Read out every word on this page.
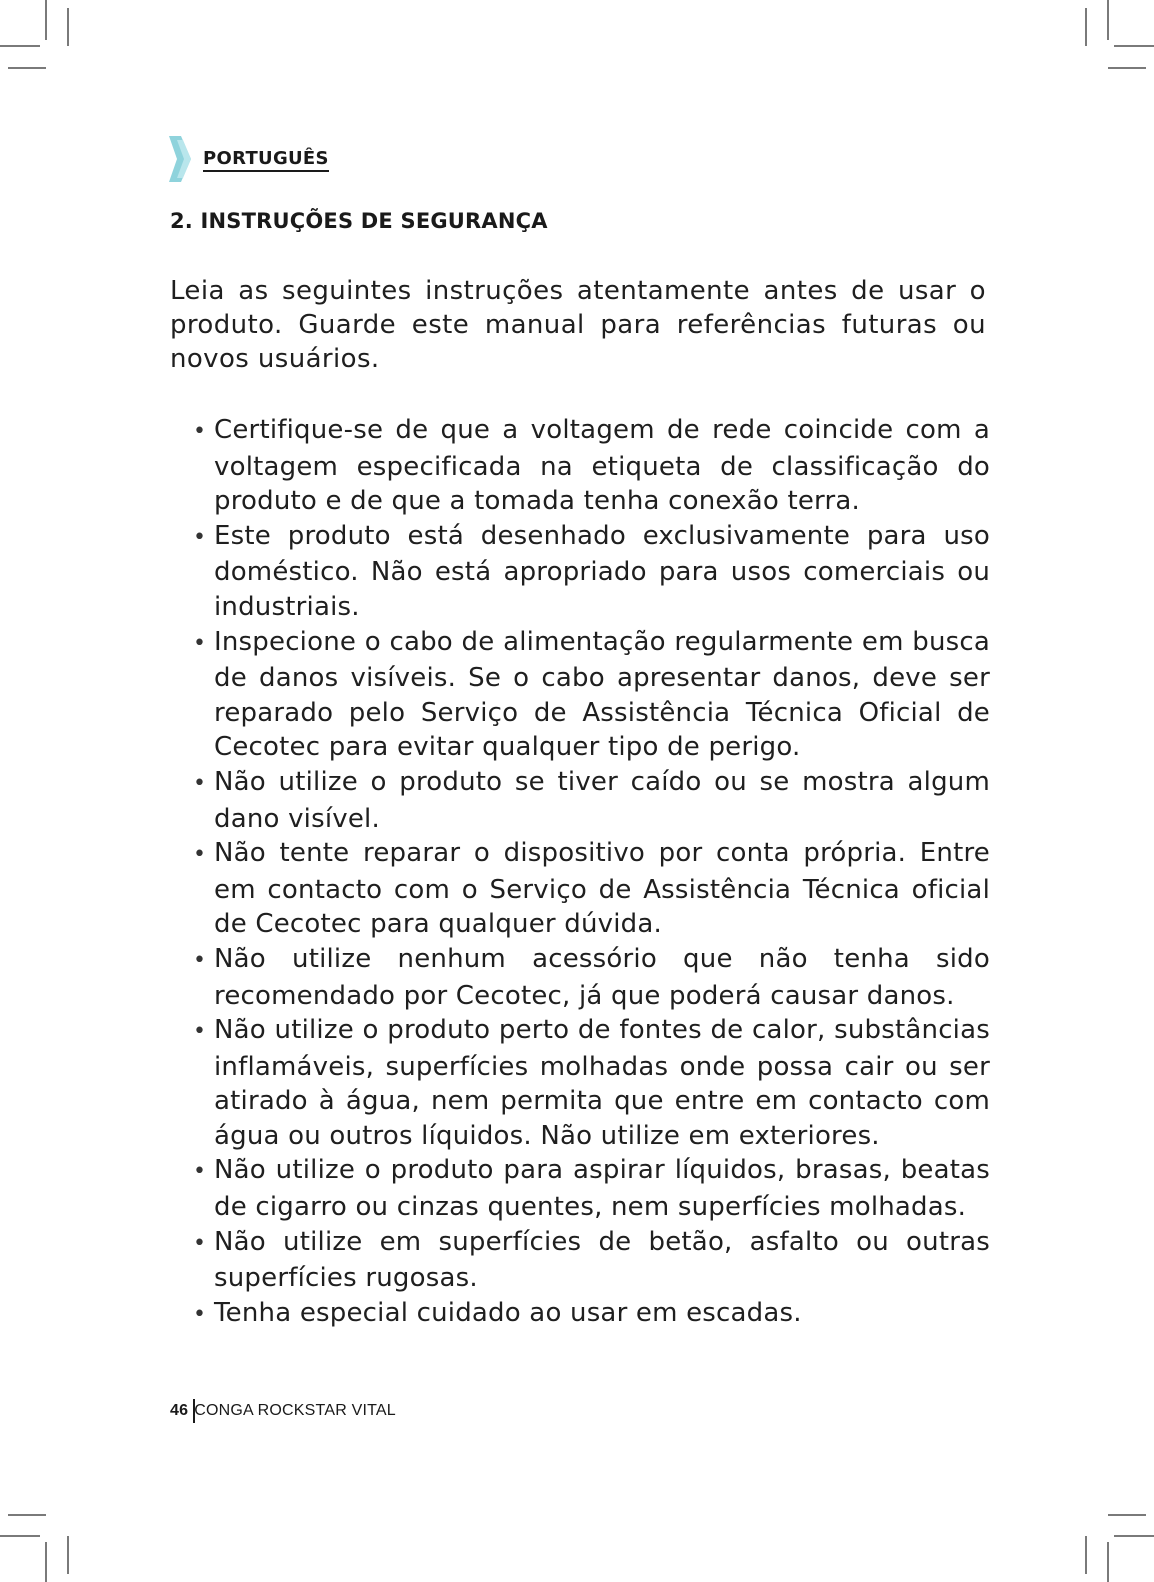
PORTUGUÊS
2. INSTRUÇÕES DE SEGURANÇA

Leia as seguintes instruções atentamente antes de usar o produto. Guarde este manual para referências futuras ou novos usuários.

• Certifique-se de que a voltagem de rede coincide com a voltagem especificada na etiqueta de classificação do produto e de que a tomada tenha conexão terra.
• Este produto está desenhado exclusivamente para uso doméstico. Não está apropriado para usos comerciais ou industriais.
• Inspecione o cabo de alimentação regularmente em busca de danos visíveis. Se o cabo apresentar danos, deve ser reparado pelo Serviço de Assistência Técnica Oficial de Cecotec para evitar qualquer tipo de perigo.
• Não utilize o produto se tiver caído ou se mostra algum dano visível.
• Não tente reparar o dispositivo por conta própria. Entre em contacto com o Serviço de Assistência Técnica oficial de Cecotec para qualquer dúvida.
• Não utilize nenhum acessório que não tenha sido recomendado por Cecotec, já que poderá causar danos.
• Não utilize o produto perto de fontes de calor, substâncias inflamáveis, superfícies molhadas onde possa cair ou ser atirado à água, nem permita que entre em contacto com água ou outros líquidos. Não utilize em exteriores.
• Não utilize o produto para aspirar líquidos, brasas, beatas de cigarro ou cinzas quentes, nem superfícies molhadas.
• Não utilize em superfícies de betão, asfalto ou outras superfícies rugosas.
• Tenha especial cuidado ao usar em escadas.
46 CONGA ROCKSTAR VITAL
